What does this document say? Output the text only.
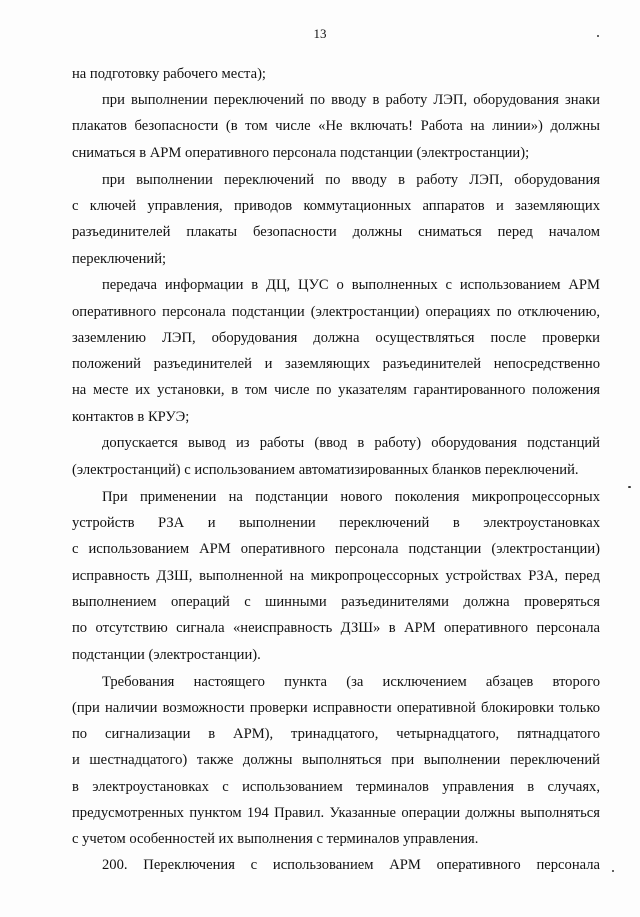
13
на подготовку рабочего места);
при выполнении переключений по вводу в работу ЛЭП, оборудования знаки
плакатов безопасности (в том числе «Не включать! Работа на линии») должны
сниматься в АРМ оперативного персонала подстанции (электростанции);
при выполнении переключений по вводу в работу ЛЭП, оборудования
с ключей управления, приводов коммутационных аппаратов и заземляющих
разъединителей плакаты безопасности должны сниматься перед началом
переключений;
передача информации в ДЦ, ЦУС о выполненных с использованием АРМ
оперативного персонала подстанции (электростанции) операциях по отключению,
заземлению ЛЭП, оборудования должна осуществляться после проверки
положений разъединителей и заземляющих разъединителей непосредственно
на месте их установки, в том числе по указателям гарантированного положения
контактов в КРУЭ;
допускается вывод из работы (ввод в работу) оборудования подстанций
(электростанций) с использованием автоматизированных бланков переключений.
При применении на подстанции нового поколения микропроцессорных
устройств РЗА и выполнении переключений в электроустановках
с использованием АРМ оперативного персонала подстанции (электростанции)
исправность ДЗШ, выполненной на микропроцессорных устройствах РЗА, перед
выполнением операций с шинными разъединителями должна проверяться
по отсутствию сигнала «неисправность ДЗШ» в АРМ оперативного персонала
подстанции (электростанции).
Требования настоящего пункта (за исключением абзацев второго
(при наличии возможности проверки исправности оперативной блокировки только
по сигнализации в АРМ), тринадцатого, четырнадцатого, пятнадцатого
и шестнадцатого) также должны выполняться при выполнении переключений
в электроустановках с использованием терминалов управления в случаях,
предусмотренных пунктом 194 Правил. Указанные операции должны выполняться
с учетом особенностей их выполнения с терминалов управления.
200. Переключения с использованием АРМ оперативного персонала
